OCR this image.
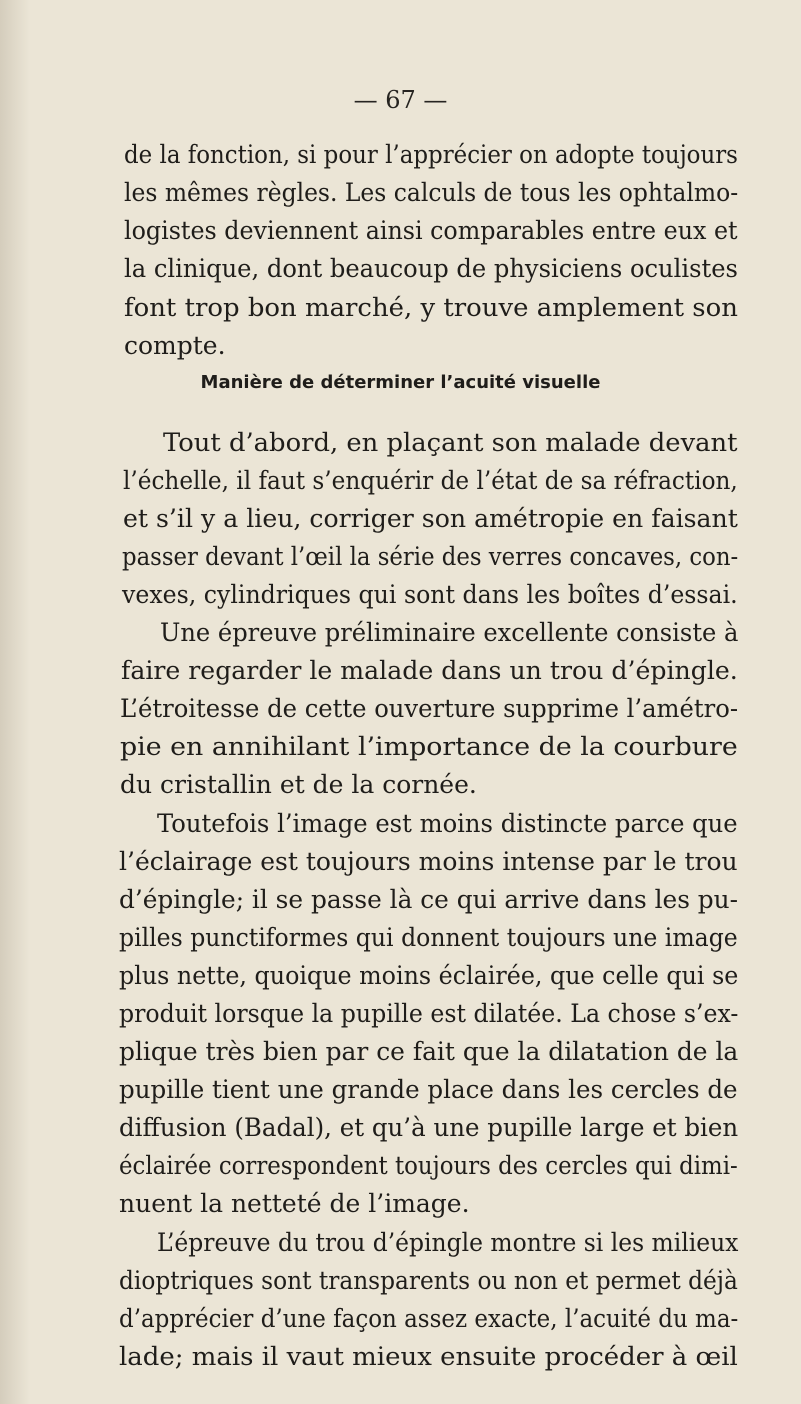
— 67 —

de la fonction, si pour l’apprécier on adopte toujours
les mêmes règles. Les calculs de tous les ophtalmo-
logistes deviennent ainsi comparables entre eux et
la clinique, dont beaucoup de physiciens oculistes
font trop bon marché, y trouve amplement son
compte.

Manière de déterminer l’acuité visuelle

Tout d’abord, en plaçant son malade devant
l’échelle, il faut s’enquérir de l’état de sa réfraction,
et s’il y a lieu, corriger son amétropie en faisant
passer devant l’œil la série des verres concaves, con-
vexes, cylindriques qui sont dans les boîtes d’essai.
Une épreuve préliminaire excellente consiste à
faire regarder le malade dans un trou d’épingle.
L’étroitesse de cette ouverture supprime l’amétro-
pie en annihilant l’importance de la courbure
du cristallin et de la cornée.
Toutefois l’image est moins distincte parce que
l’éclairage est toujours moins intense par le trou
d’épingle; il se passe là ce qui arrive dans les pu-
pilles punctiformes qui donnent toujours une image
plus nette, quoique moins éclairée, que celle qui se
produit lorsque la pupille est dilatée. La chose s’ex-
plique très bien par ce fait que la dilatation de la
pupille tient une grande place dans les cercles de
diffusion (Badal), et qu’à une pupille large et bien
éclairée correspondent toujours des cercles qui dimi-
nuent la netteté de l’image.
L’épreuve du trou d’épingle montre si les milieux
dioptriques sont transparents ou non et permet déjà
d’apprécier d’une façon assez exacte, l’acuité du ma-
lade; mais il vaut mieux ensuite procéder à œil
